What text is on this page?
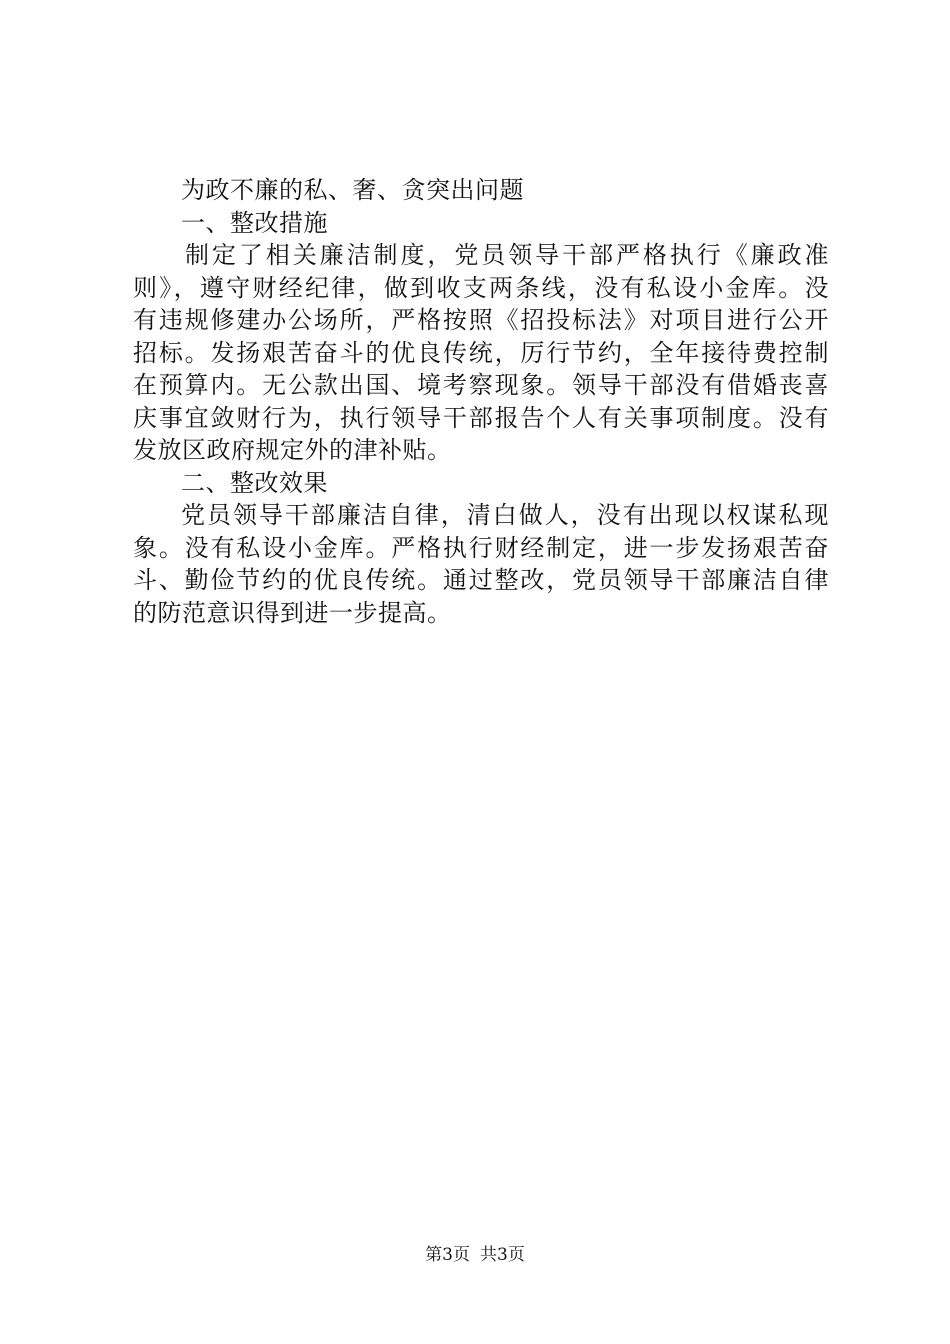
为政不廉的私、奢、贪突出问题
一、整改措施
制定了相关廉洁制度，党员领导干部严格执行《廉政准
则》，遵守财经纪律，做到收支两条线，没有私设小金库。没
有违规修建办公场所，严格按照《招投标法》对项目进行公开
招标。发扬艰苦奋斗的优良传统，厉行节约，全年接待费控制
在预算内。无公款出国、境考察现象。领导干部没有借婚丧喜
庆事宜敛财行为，执行领导干部报告个人有关事项制度。没有
发放区政府规定外的津补贴。
二、整改效果
党员领导干部廉洁自律，清白做人，没有出现以权谋私现
象。没有私设小金库。严格执行财经制定，进一步发扬艰苦奋
斗、勤俭节约的优良传统。通过整改，党员领导干部廉洁自律
的防范意识得到进一步提高。
第3页 共3页
